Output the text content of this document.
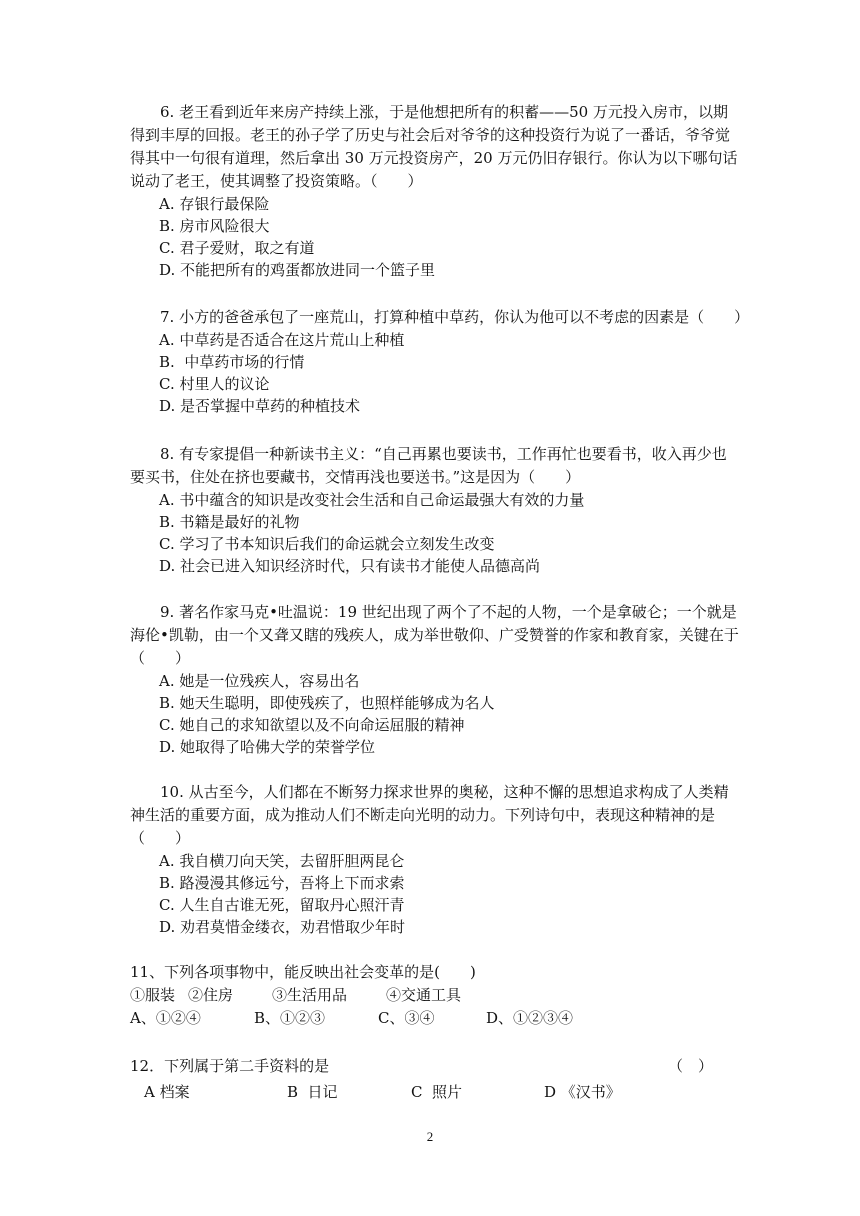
6. 老王看到近年来房产持续上涨，于是他想把所有的积蓄——50 万元投入房市，以期得到丰厚的回报。老王的孙子学了历史与社会后对爷爷的这种投资行为说了一番话，爷爷觉得其中一句很有道理，然后拿出 30 万元投资房产，20 万元仍旧存银行。你认为以下哪句话说动了老王，使其调整了投资策略。（　　）

A. 存银行最保险

B. 房市风险很大

C. 君子爱财，取之有道

D. 不能把所有的鸡蛋都放进同一个篮子里

7. 小方的爸爸承包了一座荒山，打算种植中草药，你认为他可以不考虑的因素是（　　）

A. 中草药是否适合在这片荒山上种植

B.  中草药市场的行情

C. 村里人的议论

D. 是否掌握中草药的种植技术

8. 有专家提倡一种新读书主义：“自己再累也要读书，工作再忙也要看书，收入再少也要买书，住处在挤也要藏书，交情再浅也要送书。”这是因为（　　）

A. 书中蕴含的知识是改变社会生活和自己命运最强大有效的力量

B. 书籍是最好的礼物

C. 学习了书本知识后我们的命运就会立刻发生改变

D. 社会已进入知识经济时代，只有读书才能使人品德高尚

9. 著名作家马克•吐温说：19 世纪出现了两个了不起的人物，一个是拿破仑；一个就是海伦•凯勒，由一个又聋又瞎的残疾人，成为举世敬仰、广受赞誉的作家和教育家，关键在于（　　）

A. 她是一位残疾人，容易出名

B. 她天生聪明，即使残疾了，也照样能够成为名人

C. 她自己的求知欲望以及不向命运屈服的精神

D. 她取得了哈佛大学的荣誉学位

10. 从古至今，人们都在不断努力探求世界的奥秘，这种不懈的思想追求构成了人类精神生活的重要方面，成为推动人们不断走向光明的动力。下列诗句中，表现这种精神的是（　　）

A. 我自横刀向天笑，去留肝胆两昆仑

B. 路漫漫其修远兮，吾将上下而求索

C. 人生自古谁无死，留取丹心照汗青

D. 劝君莫惜金缕衣，劝君惜取少年时

11、下列各项事物中，能反映出社会变革的是(　　)

①服装 ②住房	③生活用品	④交通工具

A、①②④	B、①②③	C、③④	D、①②③④

12．下列属于第二手资料的是	（　）

A 档案	B  日记	C  照片	D 《汉书》

2
